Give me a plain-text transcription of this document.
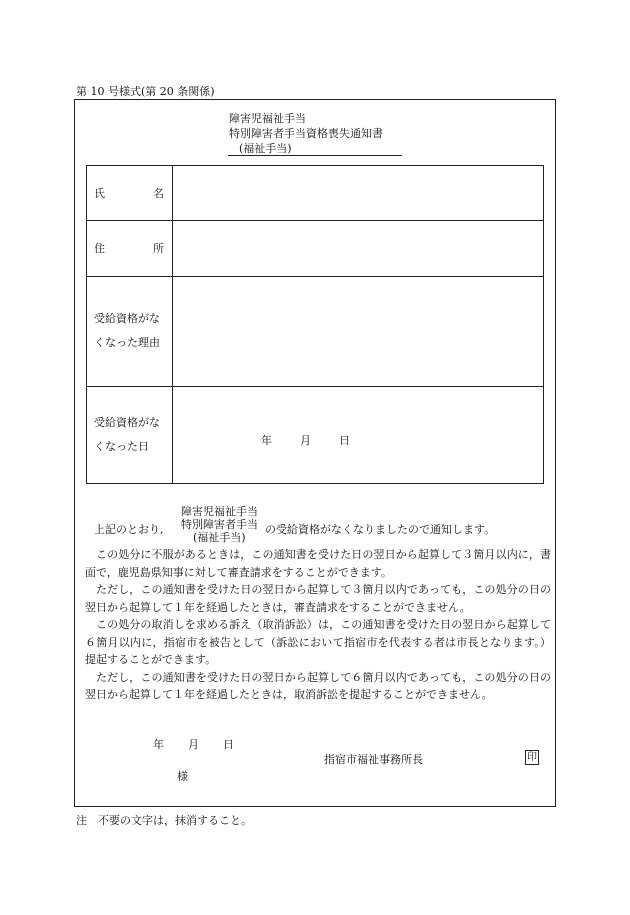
第 10 号様式(第 20 条関係)
障害児福祉手当
特別障害者手当資格喪失通知書
(福祉手当)
氏	名
住	所
受給資格がな
くなった理由
受給資格がな
くなった日	年	月	日
上記のとおり,
障害児福祉手当
特別障害者手当
(福祉手当)
の受給資格がなくなりましたので通知します。

この処分に不服があるときは，この通知書を受けた日の翌日から起算して３箇月以内に，書面で，鹿児島県知事に対して審査請求をすることができます。

ただし，この通知書を受けた日の翌日から起算して３箇月以内であっても，この処分の日の翌日から起算して１年を経過したときは，審査請求をすることができません。

この処分の取消しを求める訴え（取消訴訟）は，この通知書を受けた日の翌日から起算して６箇月以内に，指宿市を被告として（訴訟において指宿市を代表する者は市長となります。）提起することができます。

ただし，この通知書を受けた日の翌日から起算して６箇月以内であっても，この処分の日の翌日から起算して１年を経過したときは，取消訴訟を提起することができません。

年 月 日
指宿市福祉事務所長	印
様
注　不要の文字は，抹消すること。
